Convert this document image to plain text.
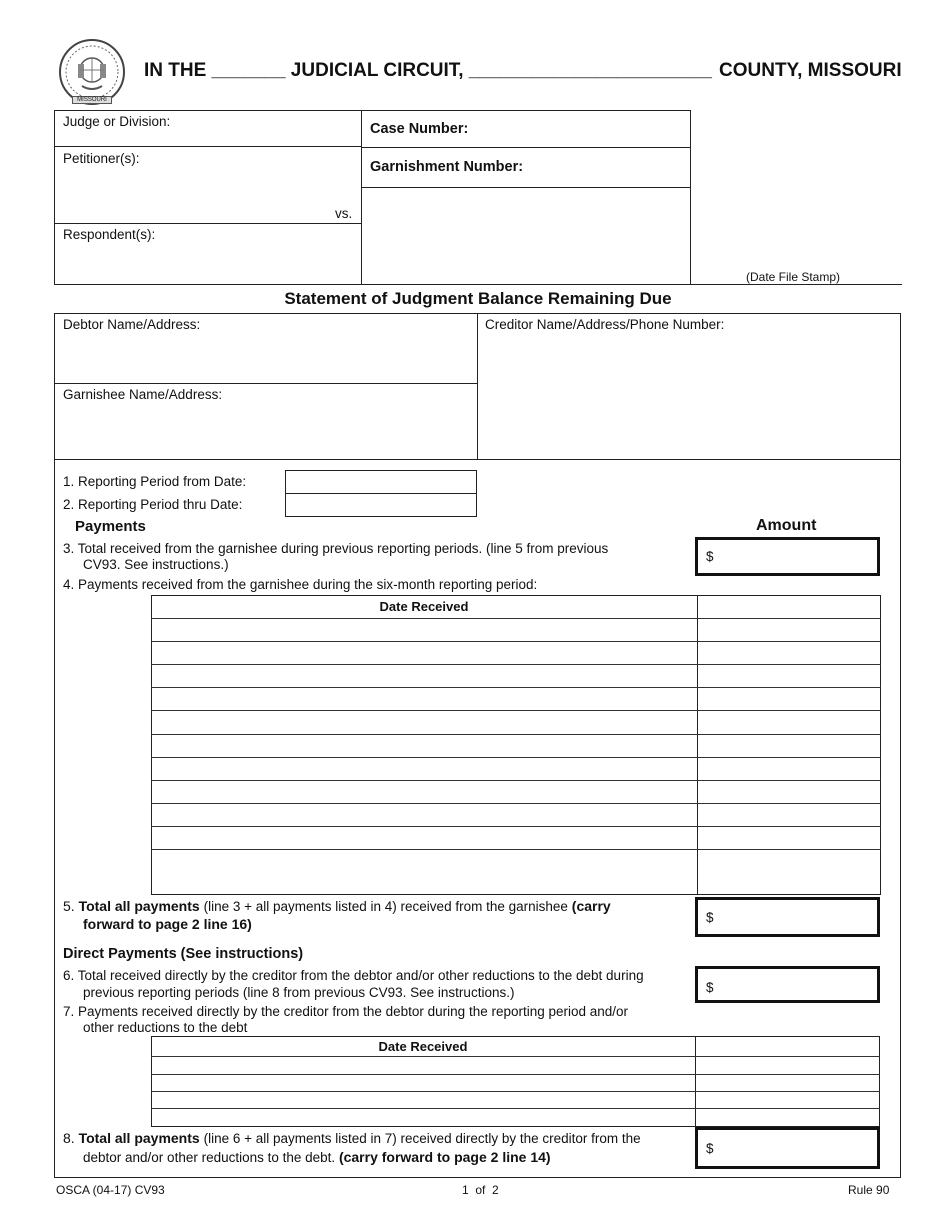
MISSOURI
IN THE _______ JUDICIAL CIRCUIT, _______________________ COUNTY, MISSOURI
Judge or Division:	Case Number:
Petitioner(s):
Garnishment Number:
vs.
Respondent(s):
(Date File Stamp)
Statement of Judgment Balance Remaining Due
Debtor Name/Address:	Creditor Name/Address/Phone Number:
Garnishee Name/Address:
1. Reporting Period from Date:
2. Reporting Period thru Date:
Payments	Amount
3. Total received from the garnishee during previous reporting periods. (line 5 from previous
CV93. See instructions.)
$
4. Payments received from the garnishee during the six-month reporting period:
Date Received
5. Total all payments (line 3 + all payments listed in 4) received from the garnishee (carry
forward to page 2 line 16)	$
Direct Payments (See instructions)
6. Total received directly by the creditor from the debtor and/or other reductions to the debt during
previous reporting periods (line 8 from previous CV93. See instructions.)	$
7. Payments received directly by the creditor from the debtor during the reporting period and/or
other reductions to the debt
Date Received
8. Total all payments (line 6 + all payments listed in 7) received directly by the creditor from the
debtor and/or other reductions to the debt. (carry forward to page 2 line 14)
$
OSCA (04-17) CV93	1  of  2	Rule 90
